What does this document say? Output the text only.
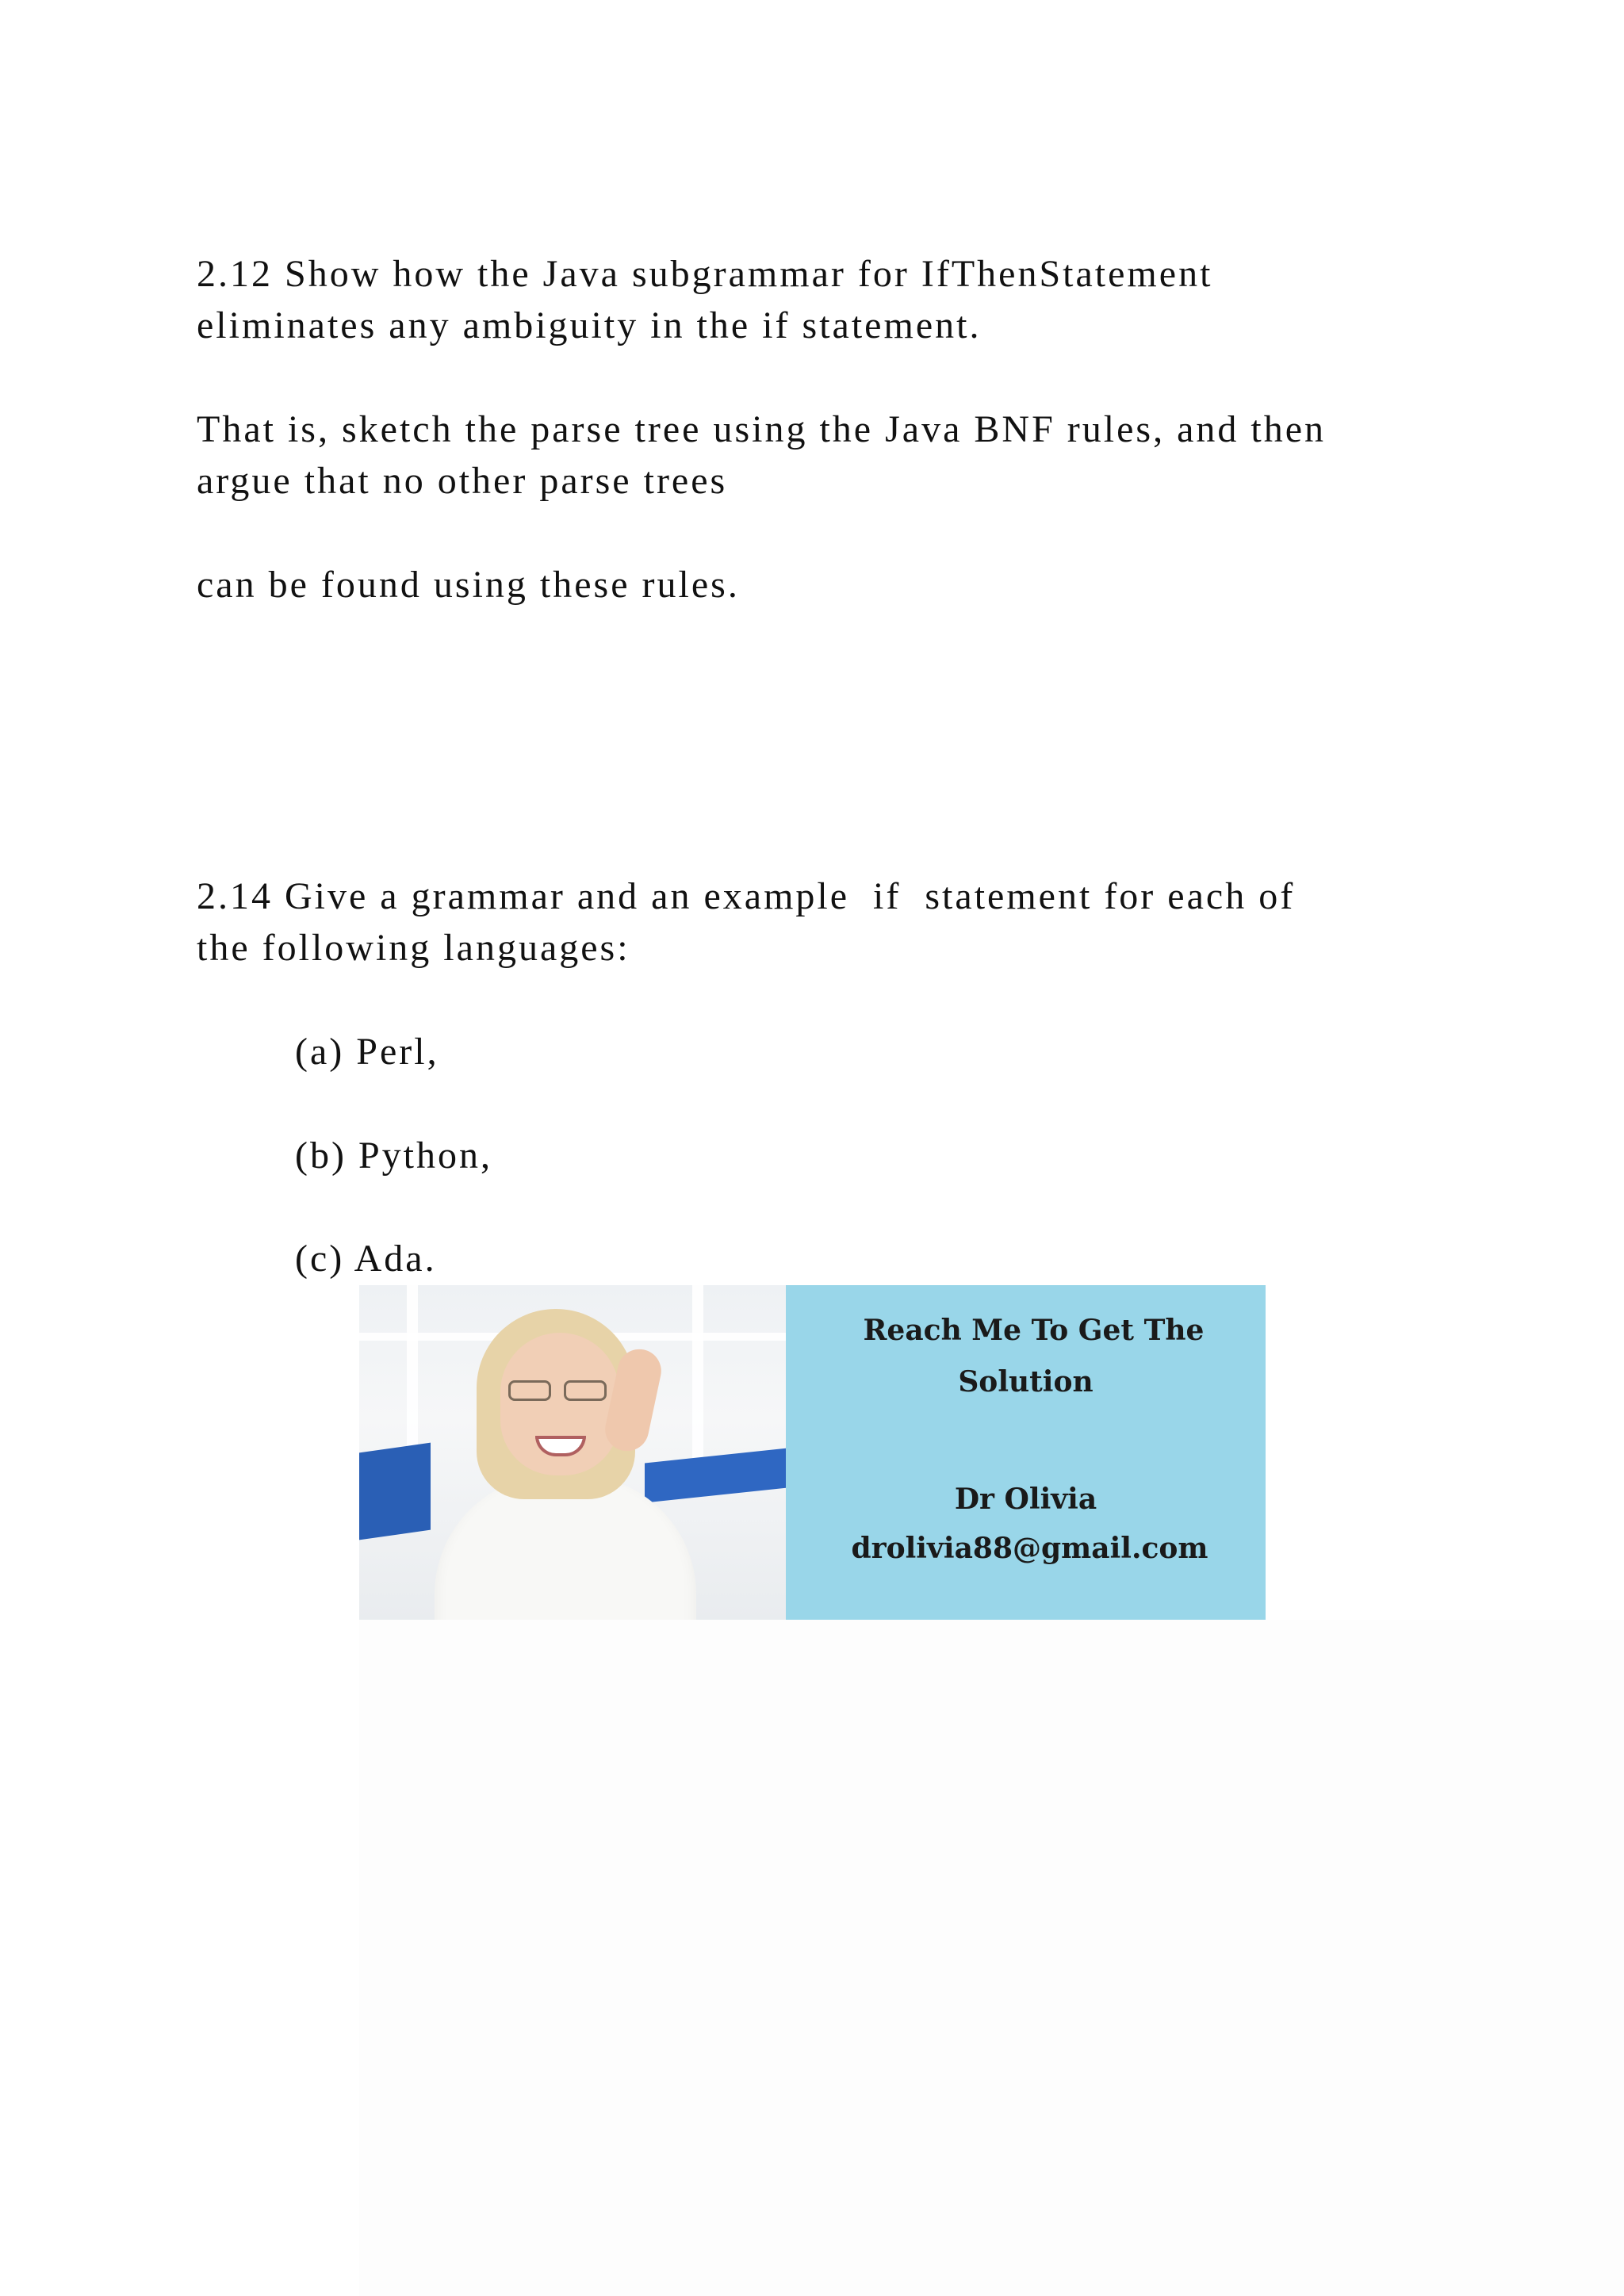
2.12 Show how the Java subgrammar for IfThenStatement

eliminates any ambiguity in the if statement.

That is, sketch the parse tree using the Java BNF rules, and then

argue that no other parse trees

can be found using these rules.

2.14 Give a grammar and an example  if  statement for each of

the following languages:

(a) Perl,

(b) Python,

(c) Ada.

Reach Me To Get The

Solution

Dr Olivia

drolivia88@gmail.com
